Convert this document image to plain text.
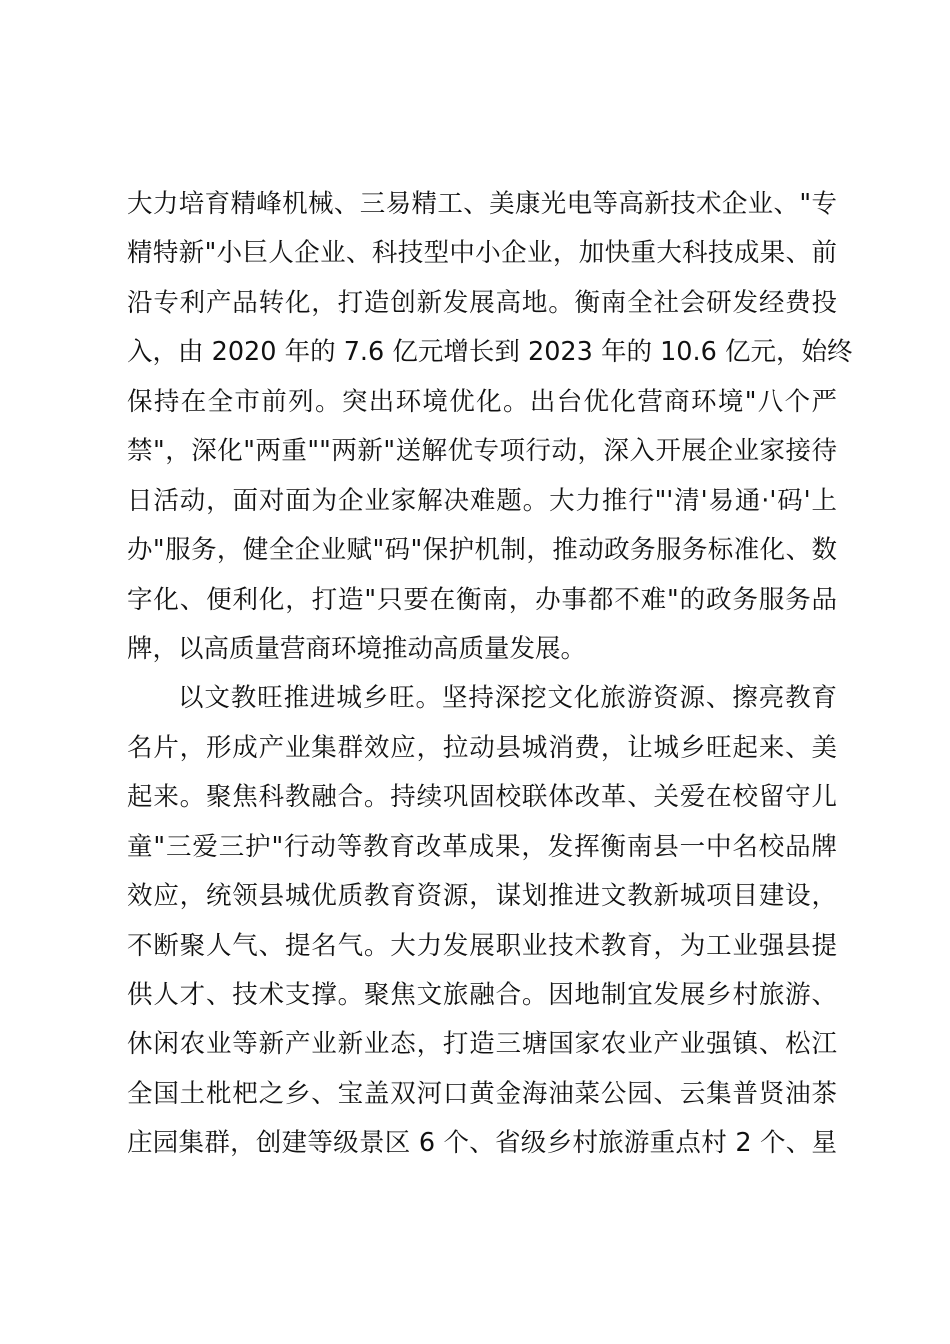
大力培育精峰机械、三易精工、美康光电等高新技术企业、"专
精特新"小巨人企业、科技型中小企业，加快重大科技成果、前
沿专利产品转化，打造创新发展高地。衡南全社会研发经费投
入，由 2020 年的 7.6 亿元增长到 2023 年的 10.6 亿元，始终
保持在全市前列。突出环境优化。出台优化营商环境"八个严
禁"，深化"两重""两新"送解优专项行动，深入开展企业家接待
日活动，面对面为企业家解决难题。大力推行"'清'易通·'码'上
办"服务，健全企业赋"码"保护机制，推动政务服务标准化、数
字化、便利化，打造"只要在衡南，办事都不难"的政务服务品
牌，以高质量营商环境推动高质量发展。
以文教旺推进城乡旺。坚持深挖文化旅游资源、擦亮教育
名片，形成产业集群效应，拉动县城消费，让城乡旺起来、美
起来。聚焦科教融合。持续巩固校联体改革、关爱在校留守儿
童"三爱三护"行动等教育改革成果，发挥衡南县一中名校品牌
效应，统领县城优质教育资源，谋划推进文教新城项目建设，
不断聚人气、提名气。大力发展职业技术教育，为工业强县提
供人才、技术支撑。聚焦文旅融合。因地制宜发展乡村旅游、
休闲农业等新产业新业态，打造三塘国家农业产业强镇、松江
全国土枇杷之乡、宝盖双河口黄金海油菜公园、云集普贤油茶
庄园集群，创建等级景区 6 个、省级乡村旅游重点村 2 个、星
